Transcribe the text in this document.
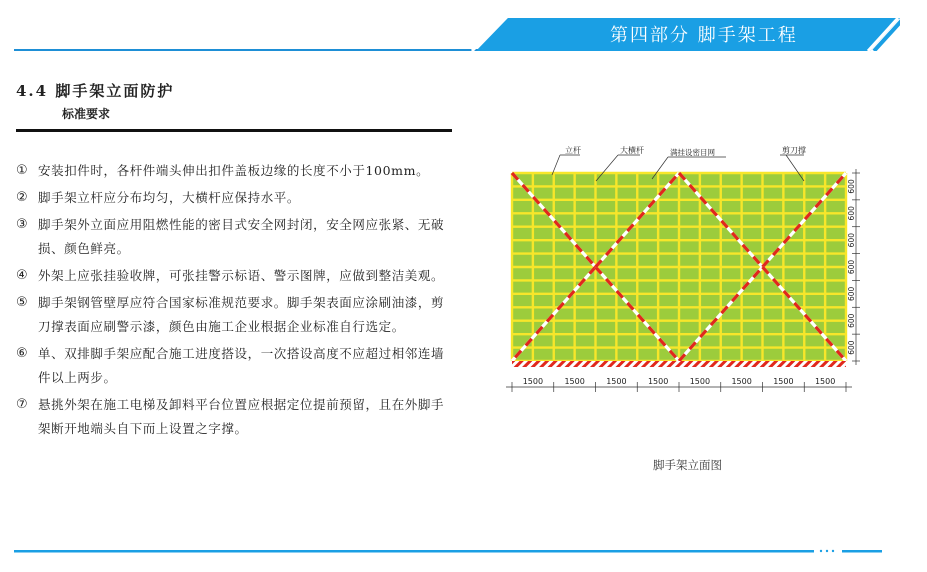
第四部分 脚手架工程
4.4 脚手架立面防护
标准要求
① 安装扣件时，各杆件端头伸出扣件盖板边缘的长度不小于100mm。
② 脚手架立杆应分布均匀，大横杆应保持水平。
③ 脚手架外立面应用阻燃性能的密目式安全网封闭，安全网应张紧、无破损、颜色鲜亮。
④ 外架上应张挂验收牌，可张挂警示标语、警示图牌，应做到整洁美观。
⑤ 脚手架钢管壁厚应符合国家标准规范要求。脚手架表面应涂刷油漆，剪刀撑表面应刷警示漆，颜色由施工企业根据企业标准自行选定。
⑥ 单、双排脚手架应配合施工进度搭设，一次搭设高度不应超过相邻连墙件以上两步。
⑦ 悬挑外架在施工电梯及卸料平台位置应根据定位提前预留，且在外脚手架断开地端头自下而上设置之字撑。
立杆	大横杆	满挂设密目网	剪刀撑
1500	1500	1500	1500	1500	1500	1500	1500
600
600
600
600
600
600
600
脚手架立面图
